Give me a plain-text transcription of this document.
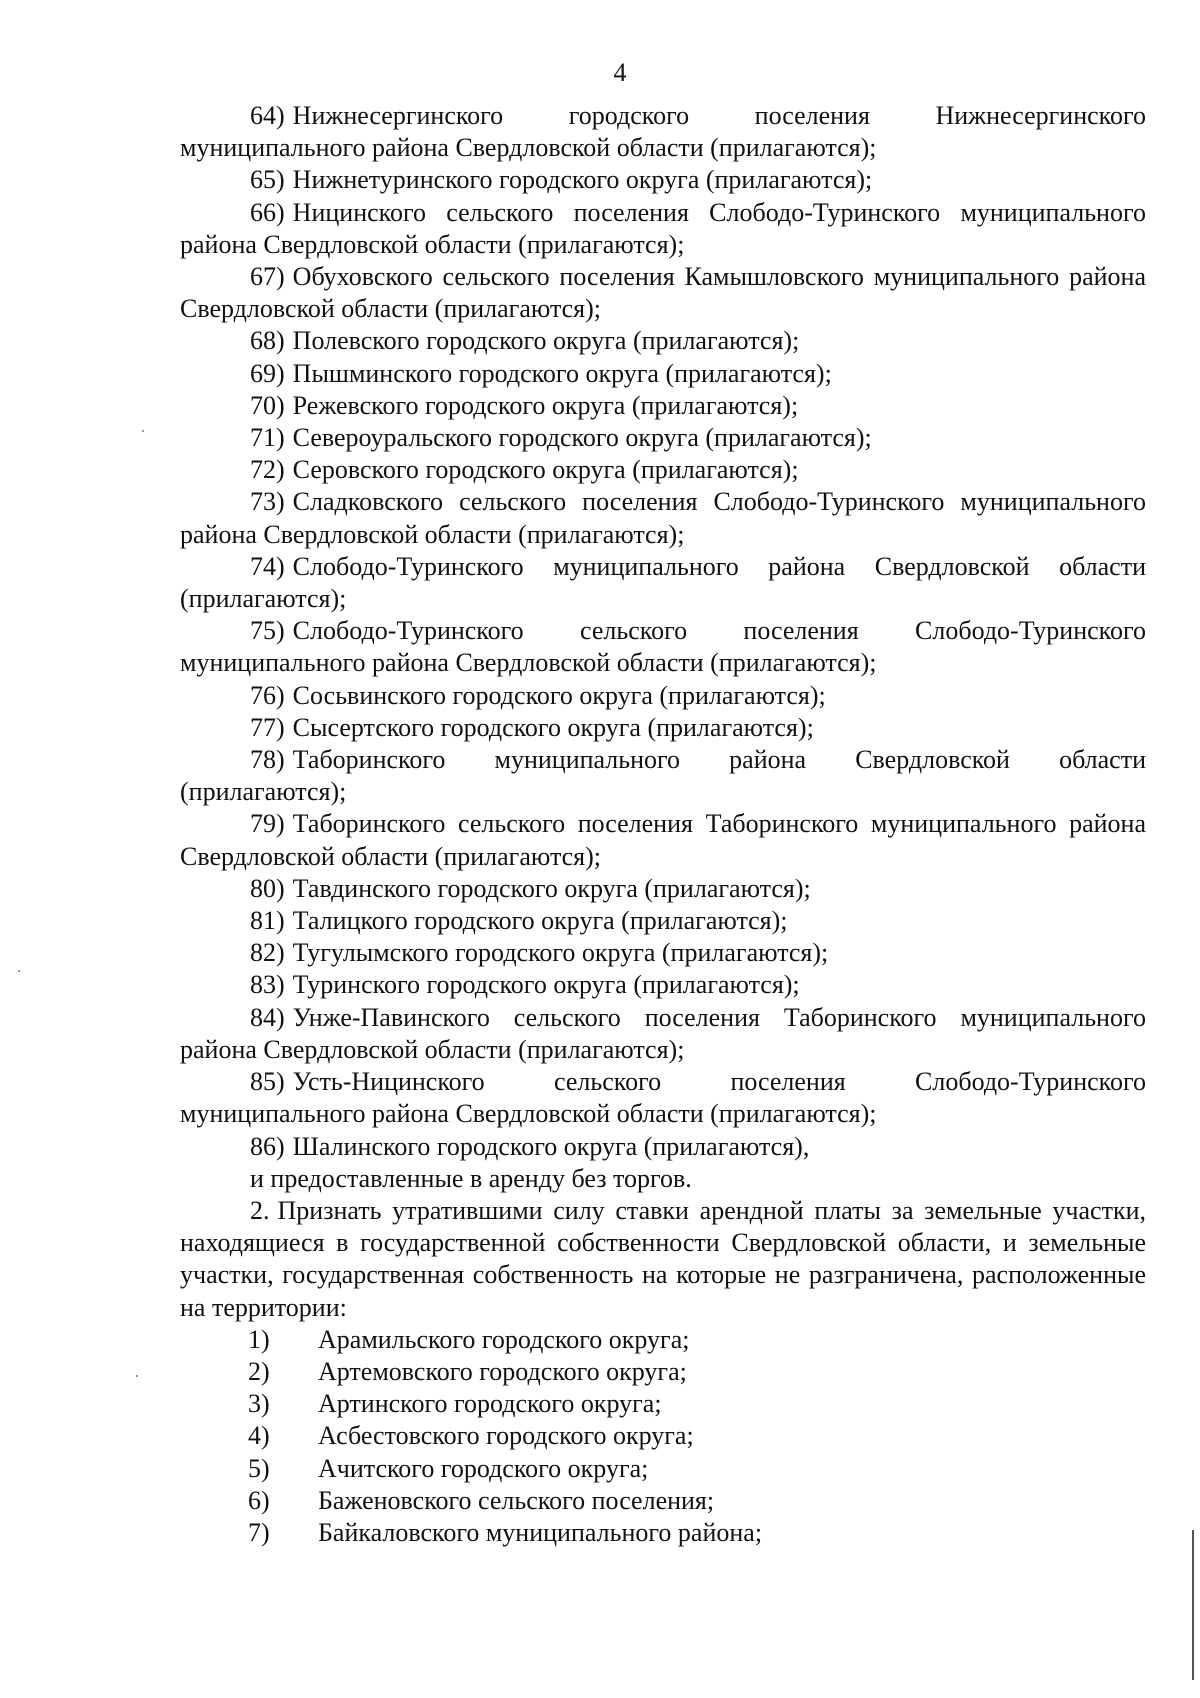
4

64) Нижнесергинского городского поселения Нижнесергинского муниципального района Свердловской области (прилагаются);

65) Нижнетуринского городского округа (прилагаются);

66) Ницинского сельского поселения Слободо-Туринского муниципального района Свердловской области (прилагаются);

67) Обуховского сельского поселения Камышловского муниципального района Свердловской области (прилагаются);

68) Полевского городского округа (прилагаются);

69) Пышминского городского округа (прилагаются);

70) Режевского городского округа (прилагаются);

71) Североуральского городского округа (прилагаются);

72) Серовского городского округа (прилагаются);

73) Сладковского сельского поселения Слободо-Туринского муниципального района Свердловской области (прилагаются);

74) Слободо-Туринского муниципального района Свердловской области (прилагаются);

75) Слободо-Туринского сельского поселения Слободо-Туринского муниципального района Свердловской области (прилагаются);

76) Сосьвинского городского округа (прилагаются);

77) Сысертского городского округа (прилагаются);

78) Таборинского муниципального района Свердловской области (прилагаются);

79) Таборинского сельского поселения Таборинского муниципального района Свердловской области (прилагаются);

80) Тавдинского городского округа (прилагаются);

81) Талицкого городского округа (прилагаются);

82) Тугулымского городского округа (прилагаются);

83) Туринского городского округа (прилагаются);

84) Унже-Павинского сельского поселения Таборинского муниципального района Свердловской области (прилагаются);

85) Усть-Ницинского сельского поселения Слободо-Туринского муниципального района Свердловской области (прилагаются);

86) Шалинского городского округа (прилагаются),

и предоставленные в аренду без торгов.

2. Признать утратившими силу ставки арендной платы за земельные участки, находящиеся в государственной собственности Свердловской области, и земельные участки, государственная собственность на которые не разграничена, расположенные на территории:

1)	Арамильского городского округа;
2)	Артемовского городского округа;
3)	Артинского городского округа;
4)	Асбестовского городского округа;
5)	Ачитского городского округа;
6)	Баженовского сельского поселения;
7)	Байкаловского муниципального района;
